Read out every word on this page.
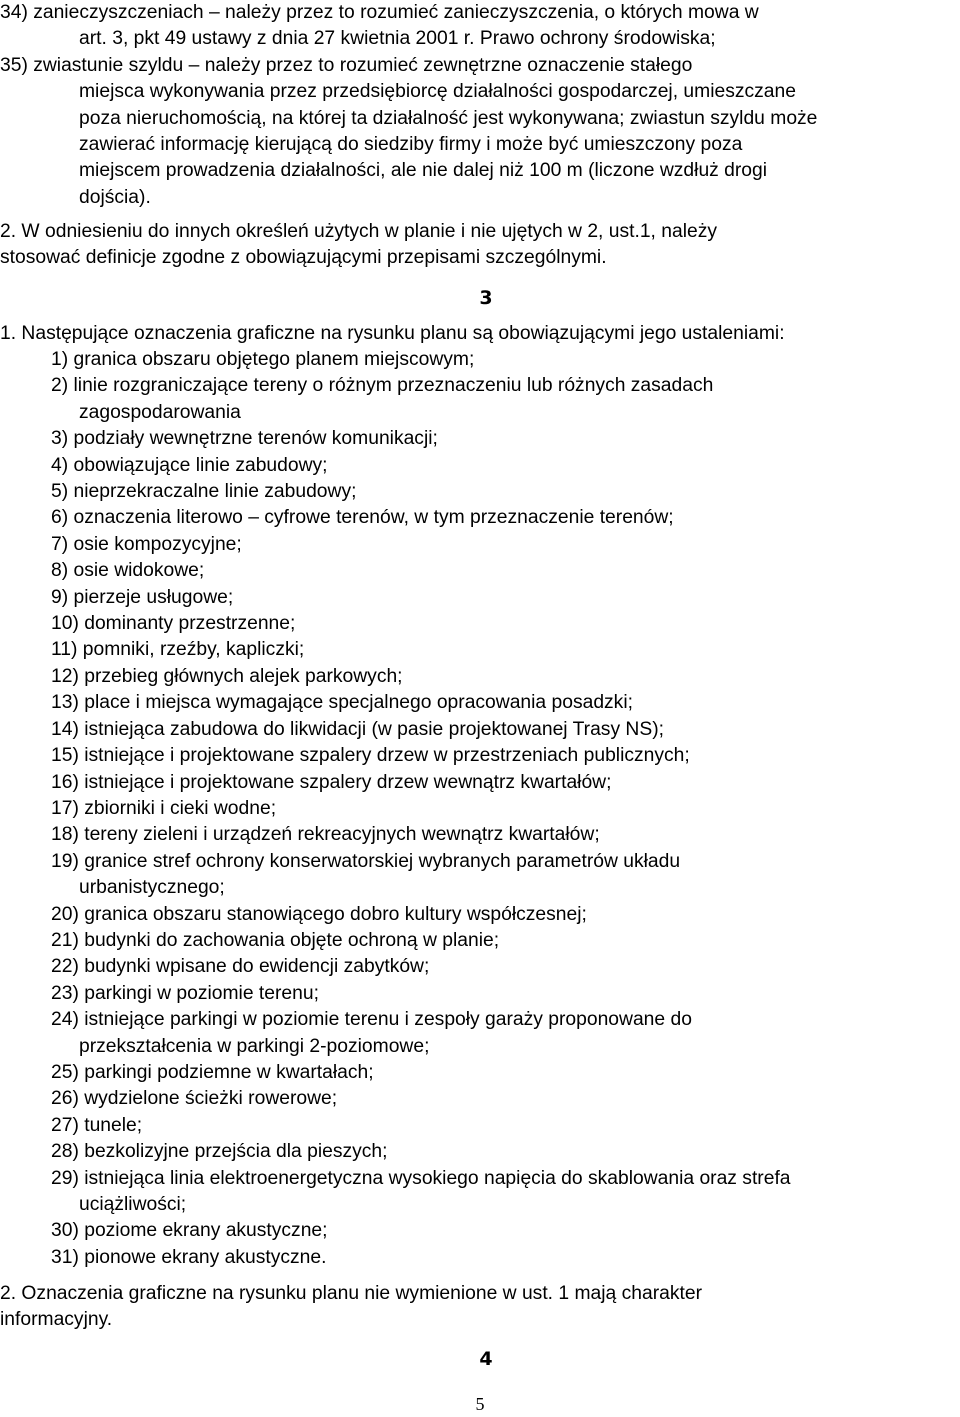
34) zanieczyszczeniach – należy przez to rozumieć zanieczyszczenia, o których mowa w
art. 3, pkt 49 ustawy z dnia 27 kwietnia 2001 r. Prawo ochrony środowiska;
35) zwiastunie szyldu – należy przez to rozumieć zewnętrzne oznaczenie stałego
miejsca wykonywania przez przedsiębiorcę działalności gospodarczej, umieszczane
poza nieruchomością, na której ta działalność jest wykonywana; zwiastun szyldu może
zawierać informację kierującą do siedziby firmy i może być umieszczony poza
miejscem prowadzenia działalności, ale nie dalej niż 100 m (liczone wzdłuż drogi
dojścia).
2. W odniesieniu do innych określeń użytych w planie i nie ujętych w 2, ust.1, należy
stosować definicje zgodne z obowiązującymi przepisami szczególnymi.
3
1. Następujące oznaczenia graficzne na rysunku planu są obowiązującymi jego ustaleniami:
1) granica obszaru objętego planem miejscowym;
2) linie rozgraniczające tereny o różnym przeznaczeniu lub różnych zasadach
zagospodarowania
3) podziały wewnętrzne terenów komunikacji;
4) obowiązujące linie zabudowy;
5) nieprzekraczalne linie zabudowy;
6) oznaczenia literowo – cyfrowe terenów, w tym przeznaczenie terenów;
7) osie kompozycyjne;
8) osie widokowe;
9) pierzeje usługowe;
10) dominanty przestrzenne;
11) pomniki, rzeźby, kapliczki;
12) przebieg głównych alejek parkowych;
13) place i miejsca wymagające specjalnego opracowania posadzki;
14) istniejąca zabudowa do likwidacji (w pasie projektowanej Trasy NS);
15) istniejące i projektowane szpalery drzew w przestrzeniach publicznych;
16) istniejące i projektowane szpalery drzew wewnątrz kwartałów;
17) zbiorniki i cieki wodne;
18) tereny zieleni i urządzeń rekreacyjnych wewnątrz kwartałów;
19) granice stref ochrony konserwatorskiej wybranych parametrów układu
urbanistycznego;
20) granica obszaru stanowiącego dobro kultury współczesnej;
21) budynki do zachowania objęte ochroną w planie;
22) budynki wpisane do ewidencji zabytków;
23) parkingi w poziomie terenu;
24) istniejące parkingi w poziomie terenu i zespoły garaży proponowane do
przekształcenia w parkingi 2-poziomowe;
25) parkingi podziemne w kwartałach;
26) wydzielone ścieżki rowerowe;
27) tunele;
28) bezkolizyjne przejścia dla pieszych;
29) istniejąca linia elektroenergetyczna wysokiego napięcia do skablowania oraz strefa
uciążliwości;
30) poziome ekrany akustyczne;
31) pionowe ekrany akustyczne.
2. Oznaczenia graficzne na rysunku planu nie wymienione w ust. 1 mają charakter
informacyjny.
4
5
